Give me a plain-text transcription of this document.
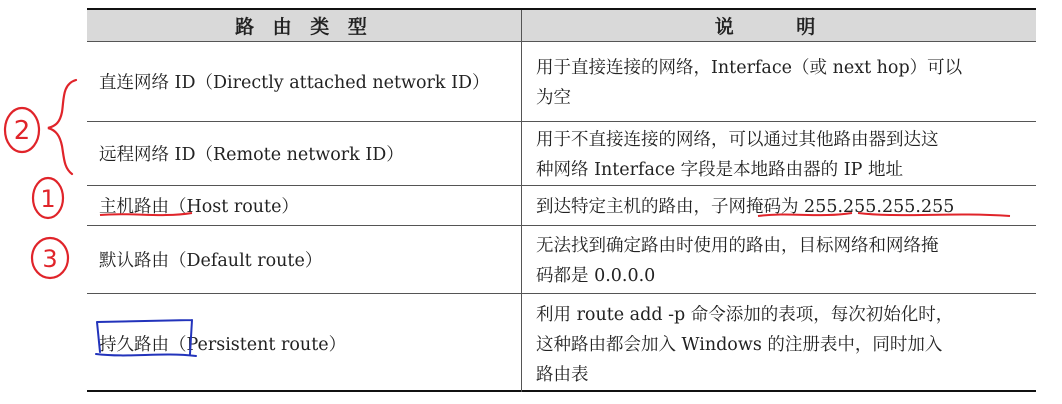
路 由 类 型	说 明
直连网络 ID（Directly attached network ID）
用于直接连接的网络，Interface（或 next hop）可以
为空
远程网络 ID（Remote network ID）
用于不直接连接的网络，可以通过其他路由器到达这
种网络 Interface 字段是本地路由器的 IP 地址
主机路由（Host route）	到达特定主机的路由，子网掩码为 255.255.255.255
默认路由（Default route）
无法找到确定路由时使用的路由，目标网络和网络掩
码都是 0.0.0.0
持久路由（Persistent route）
利用 route add -p 命令添加的表项，每次初始化时，
这种路由都会加入 Windows 的注册表中，同时加入
路由表
2
1
3
